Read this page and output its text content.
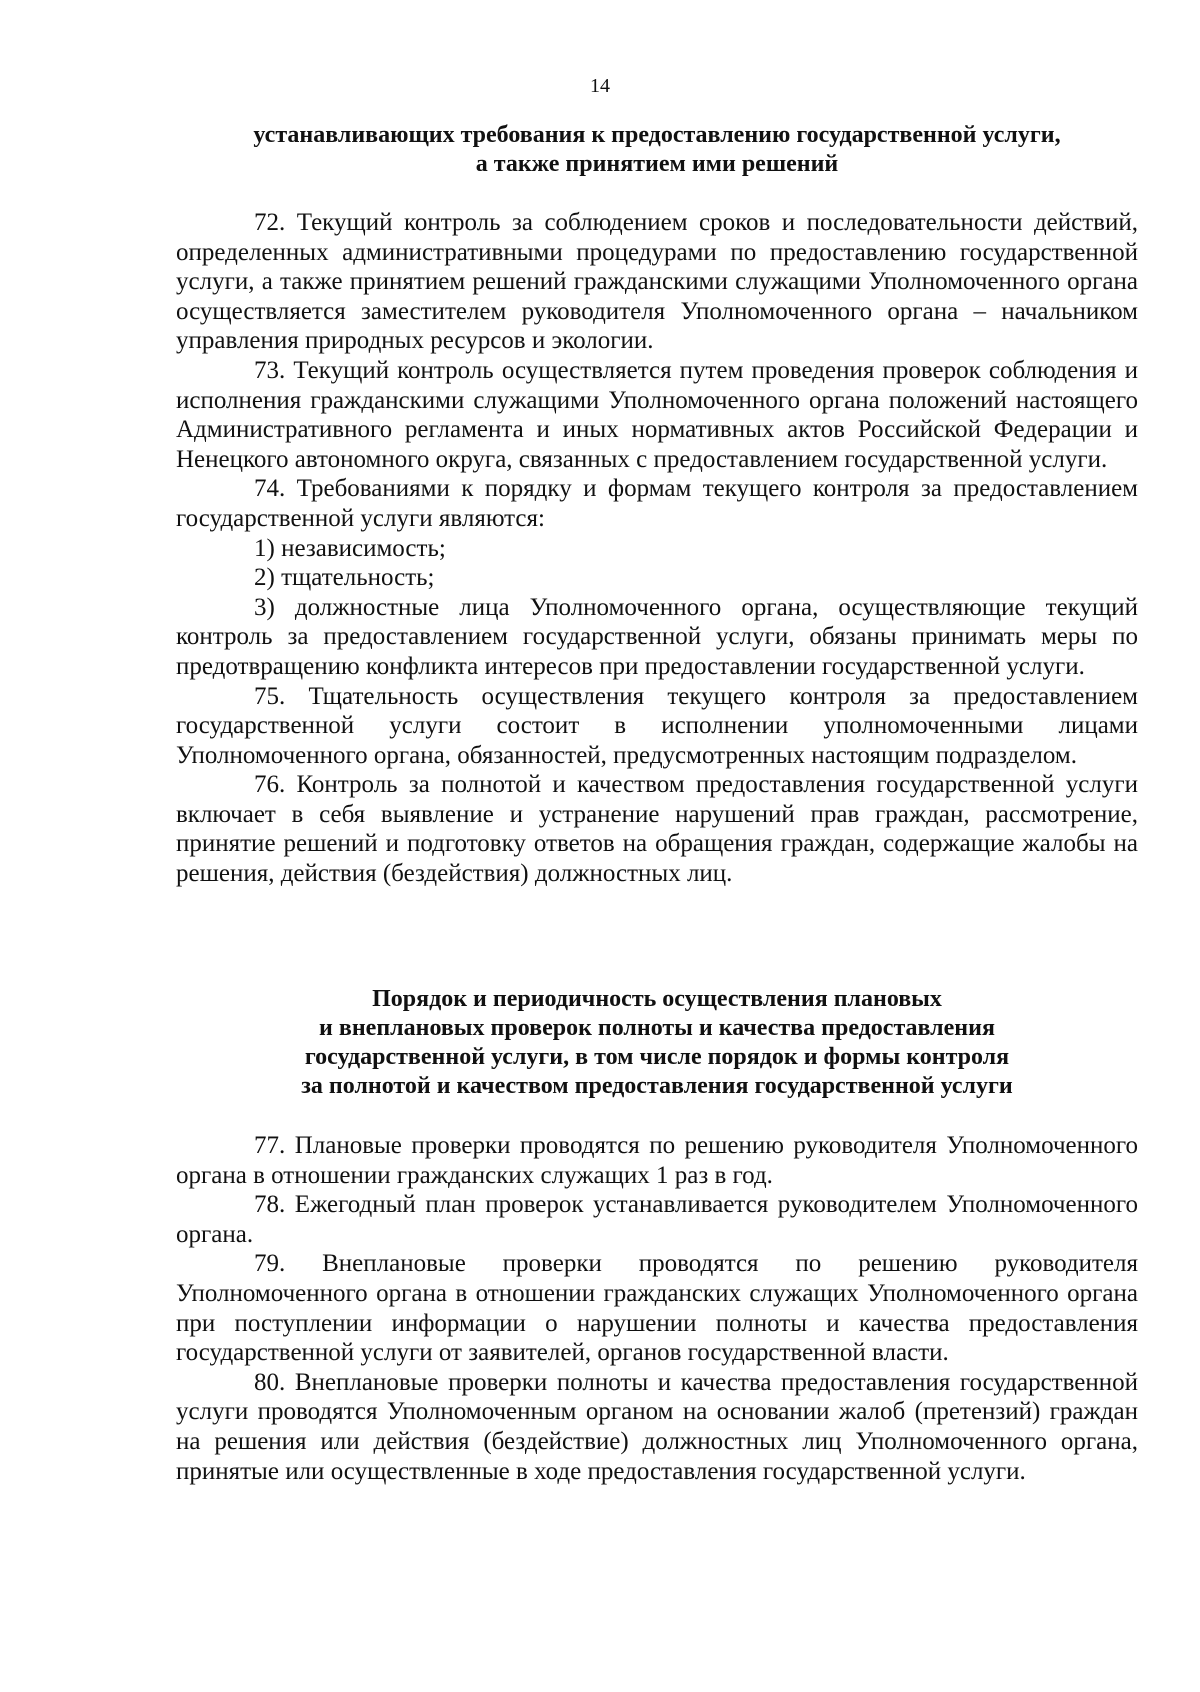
14
устанавливающих требования к предоставлению государственной услуги,
а также принятием ими решений

72. Текущий контроль за соблюдением сроков и последовательности действий, определенных административными процедурами по предоставлению государственной услуги, а также принятием решений гражданскими служащими Уполномоченного органа осуществляется заместителем руководителя Уполномоченного органа – начальником управления природных ресурсов и экологии.

73. Текущий контроль осуществляется путем проведения проверок соблюдения и исполнения гражданскими служащими Уполномоченного органа положений настоящего Административного регламента и иных нормативных актов Российской Федерации и Ненецкого автономного округа, связанных с предоставлением государственной услуги.

74. Требованиями к порядку и формам текущего контроля за предоставлением государственной услуги являются:

1) независимость;

2) тщательность;

3) должностные лица Уполномоченного органа, осуществляющие текущий контроль за предоставлением государственной услуги, обязаны принимать меры по предотвращению конфликта интересов при предоставлении государственной услуги.

75. Тщательность осуществления текущего контроля за предоставлением государственной услуги состоит в исполнении уполномоченными лицами Уполномоченного органа, обязанностей, предусмотренных настоящим подразделом.

76. Контроль за полнотой и качеством предоставления государственной услуги включает в себя выявление и устранение нарушений прав граждан, рассмотрение, принятие решений и подготовку ответов на обращения граждан, содержащие жалобы на решения, действия (бездействия) должностных лиц.

Порядок и периодичность осуществления плановых
и внеплановых проверок полноты и качества предоставления
государственной услуги, в том числе порядок и формы контроля
за полнотой и качеством предоставления государственной услуги

77. Плановые проверки проводятся по решению руководителя Уполномоченного органа в отношении гражданских служащих 1 раз в год.

78. Ежегодный план проверок устанавливается руководителем Уполномоченного органа.

79. Внеплановые проверки проводятся по решению руководителя Уполномоченного органа в отношении гражданских служащих Уполномоченного органа при поступлении информации о нарушении полноты и качества предоставления государственной услуги от заявителей, органов государственной власти.

80. Внеплановые проверки полноты и качества предоставления государственной услуги проводятся Уполномоченным органом на основании жалоб (претензий) граждан на решения или действия (бездействие) должностных лиц Уполномоченного органа, принятые или осуществленные в ходе предоставления государственной услуги.
